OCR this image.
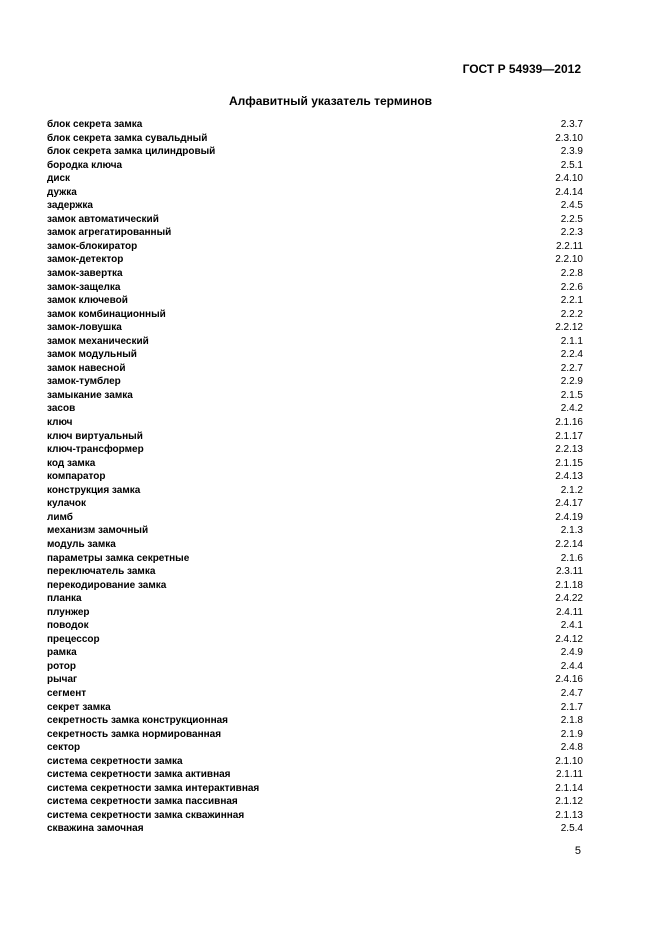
ГОСТ Р 54939—2012
Алфавитный указатель терминов
блок секрета замка	2.3.7
блок секрета замка сувальдный	2.3.10
блок секрета замка цилиндровый	2.3.9
бородка ключа	2.5.1
диск	2.4.10
дужка	2.4.14
задержка	2.4.5
замок автоматический	2.2.5
замок агрегатированный	2.2.3
замок-блокиратор	2.2.11
замок-детектор	2.2.10
замок-завертка	2.2.8
замок-защелка	2.2.6
замок ключевой	2.2.1
замок комбинационный	2.2.2
замок-ловушка	2.2.12
замок механический	2.1.1
замок модульный	2.2.4
замок навесной	2.2.7
замок-тумблер	2.2.9
замыкание замка	2.1.5
засов	2.4.2
ключ	2.1.16
ключ виртуальный	2.1.17
ключ-трансформер	2.2.13
код замка	2.1.15
компаратор	2.4.13
конструкция замка	2.1.2
кулачок	2.4.17
лимб	2.4.19
механизм замочный	2.1.3
модуль замка	2.2.14
параметры замка секретные	2.1.6
переключатель замка	2.3.11
перекодирование замка	2.1.18
планка	2.4.22
плунжер	2.4.11
поводок	2.4.1
прецессор	2.4.12
рамка	2.4.9
ротор	2.4.4
рычаг	2.4.16
сегмент	2.4.7
секрет замка	2.1.7
секретность замка конструкционная	2.1.8
секретность замка нормированная	2.1.9
сектор	2.4.8
система секретности замка	2.1.10
система секретности замка активная	2.1.11
система секретности замка интерактивная	2.1.14
система секретности замка пассивная	2.1.12
система секретности замка скважинная	2.1.13
скважина замочная	2.5.4
5
